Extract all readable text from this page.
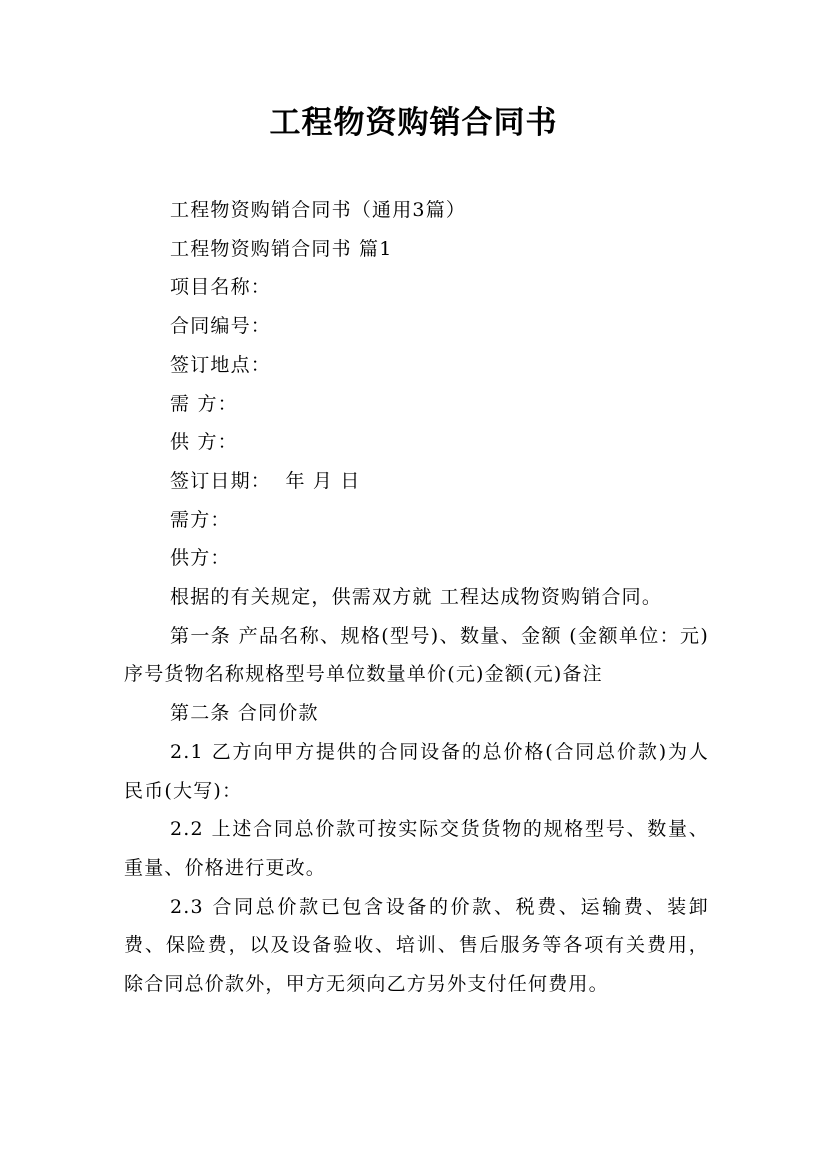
工程物资购销合同书

工程物资购销合同书（通用3篇）

工程物资购销合同书 篇1

项目名称：

合同编号：

签订地点：

需 方：

供 方：

签订日期：  年 月 日

需方：

供方：

根据的有关规定，供需双方就 工程达成物资购销合同。

第一条 产品名称、规格(型号)、数量、金额 (金额单位：元)序号货物名称规格型号单位数量单价(元)金额(元)备注

第二条 合同价款

2.1 乙方向甲方提供的合同设备的总价格(合同总价款)为人民币(大写)：

2.2 上述合同总价款可按实际交货货物的规格型号、数量、重量、价格进行更改。

2.3 合同总价款已包含设备的价款、税费、运输费、装卸费、保险费，以及设备验收、培训、售后服务等各项有关费用，除合同总价款外，甲方无须向乙方另外支付任何费用。
